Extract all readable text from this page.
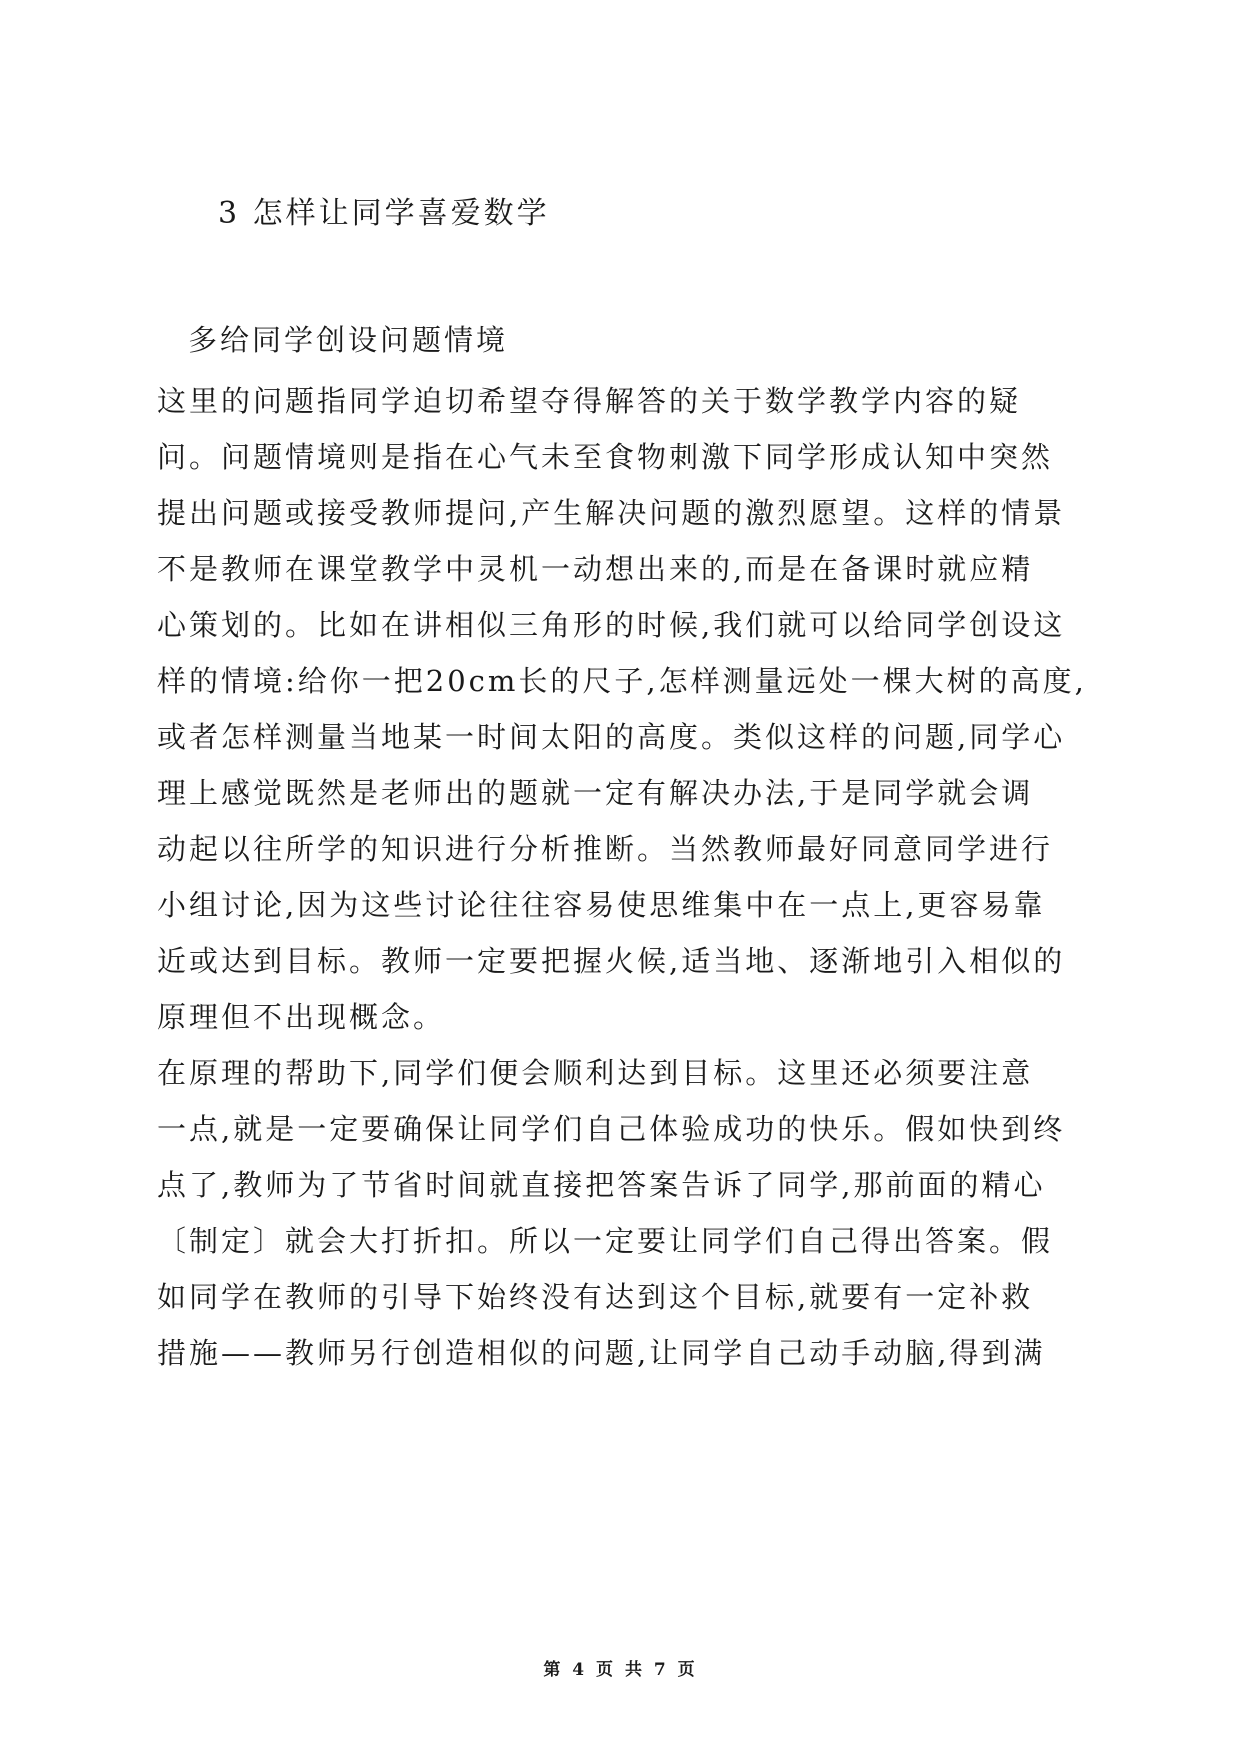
3 怎样让同学喜爱数学
多给同学创设问题情境

这里的问题指同学迫切希望夺得解答的关于数学教学内容的疑

问。问题情境则是指在心气未至食物刺激下同学形成认知中突然

提出问题或接受教师提问,产生解决问题的激烈愿望。这样的情景

不是教师在课堂教学中灵机一动想出来的,而是在备课时就应精

心策划的。比如在讲相似三角形的时候,我们就可以给同学创设这

样的情境:给你一把20cm长的尺子,怎样测量远处一棵大树的高度,

或者怎样测量当地某一时间太阳的高度。类似这样的问题,同学心

理上感觉既然是老师出的题就一定有解决办法,于是同学就会调

动起以往所学的知识进行分析推断。当然教师最好同意同学进行

小组讨论,因为这些讨论往往容易使思维集中在一点上,更容易靠

近或达到目标。教师一定要把握火候,适当地、逐渐地引入相似的

原理但不出现概念。

在原理的帮助下,同学们便会顺利达到目标。这里还必须要注意

一点,就是一定要确保让同学们自己体验成功的快乐。假如快到终

点了,教师为了节省时间就直接把答案告诉了同学,那前面的精心

〔制定〕就会大打折扣。所以一定要让同学们自己得出答案。假

如同学在教师的引导下始终没有达到这个目标,就要有一定补救

措施——教师另行创造相似的问题,让同学自己动手动脑,得到满

第 4 页 共 7 页
